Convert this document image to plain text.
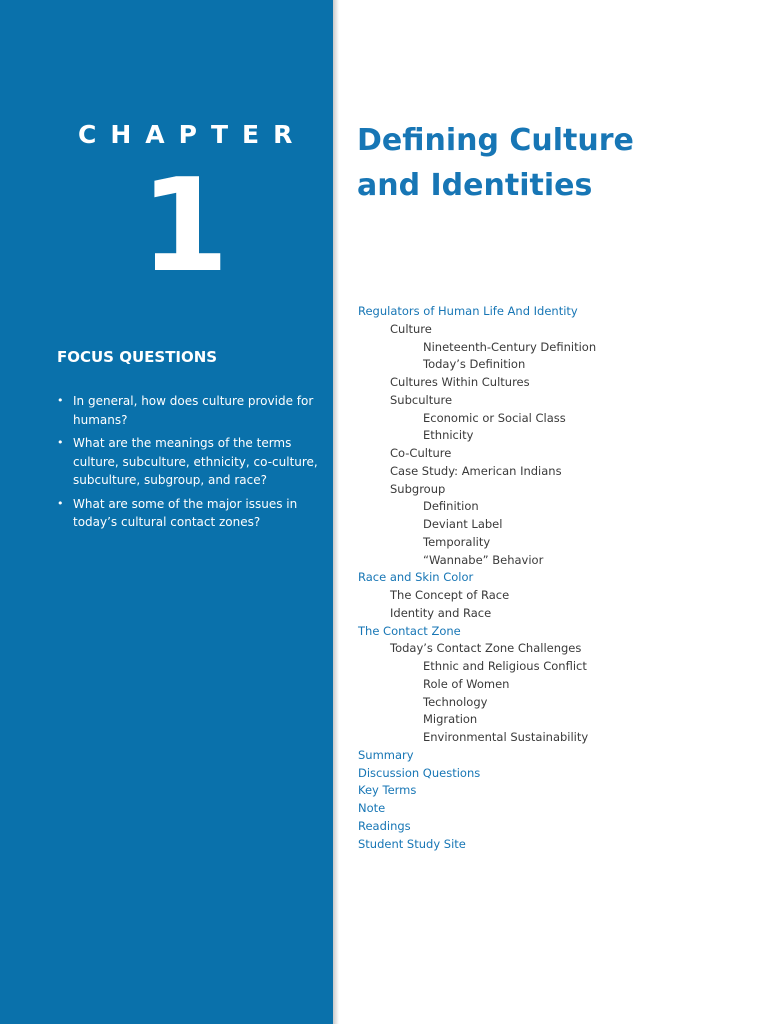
CHAPTER
1
FOCUS QUESTIONS
• In general, how does culture provide for humans?
• What are the meanings of the terms culture, subculture, ethnicity, co-culture, subculture, subgroup, and race?
• What are some of the major issues in today’s cultural contact zones?
Defining Culture
and Identities
Regulators of Human Life And Identity
Culture
Nineteenth-Century Definition
Today’s Definition
Cultures Within Cultures
Subculture
Economic or Social Class
Ethnicity
Co-Culture
Case Study: American Indians
Subgroup
Definition
Deviant Label
Temporality
“Wannabe” Behavior
Race and Skin Color
The Concept of Race
Identity and Race
The Contact Zone
Today’s Contact Zone Challenges
Ethnic and Religious Conflict
Role of Women
Technology
Migration
Environmental Sustainability
Summary
Discussion Questions
Key Terms
Note
Readings
Student Study Site
